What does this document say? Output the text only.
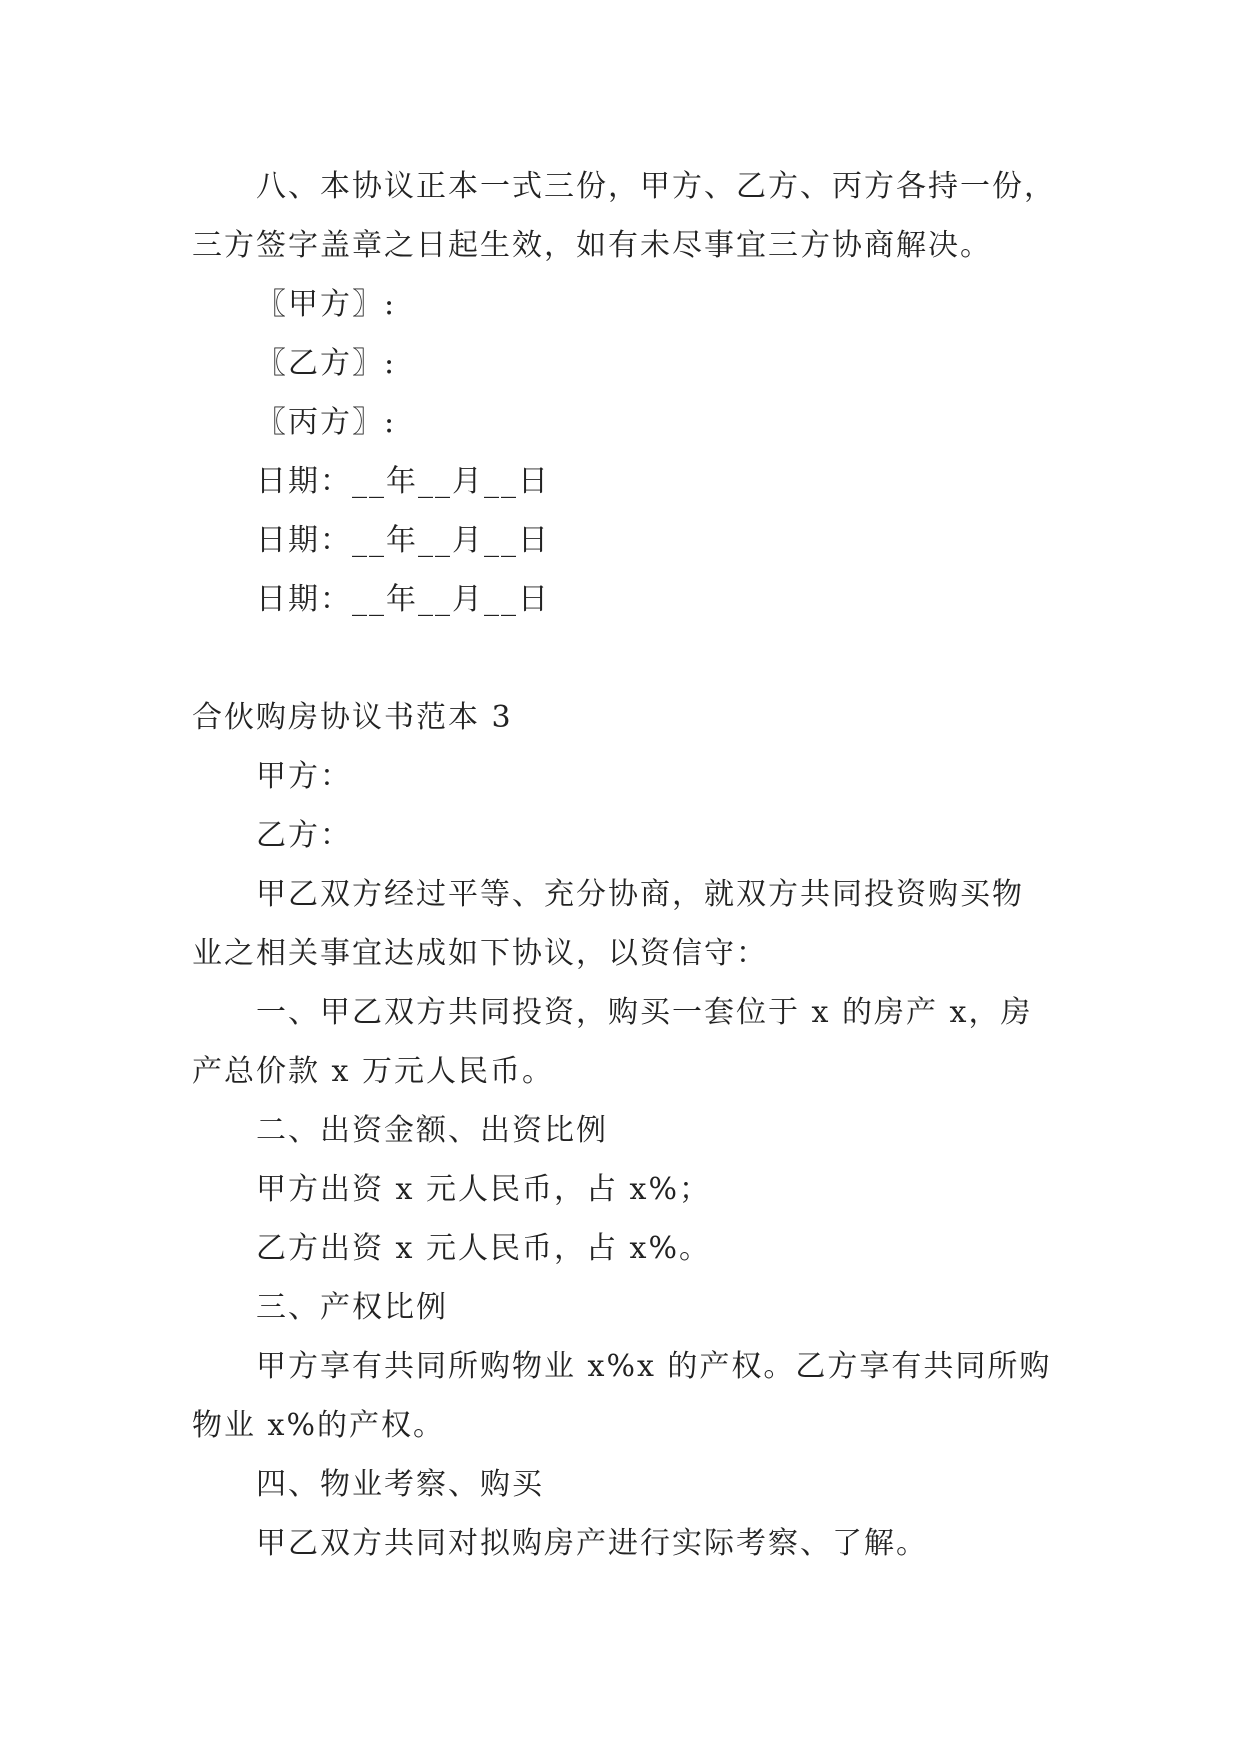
八、本协议正本一式三份，甲方、乙方、丙方各持一份，
三方签字盖章之日起生效，如有未尽事宜三方协商解决。
〖甲方〗:
〖乙方〗:
〖丙方〗:
日期：__年__月__日
日期：__年__月__日
日期：__年__月__日
合伙购房协议书范本 3
甲方：
乙方：
甲乙双方经过平等、充分协商，就双方共同投资购买物
业之相关事宜达成如下协议，以资信守：
一、甲乙双方共同投资，购买一套位于 x 的房产 x，房
产总价款 x 万元人民币。
二、出资金额、出资比例
甲方出资 x 元人民币，占 x%；
乙方出资 x 元人民币，占 x%。
三、产权比例
甲方享有共同所购物业 x%x 的产权。乙方享有共同所购
物业 x%的产权。
四、物业考察、购买
甲乙双方共同对拟购房产进行实际考察、了解。
